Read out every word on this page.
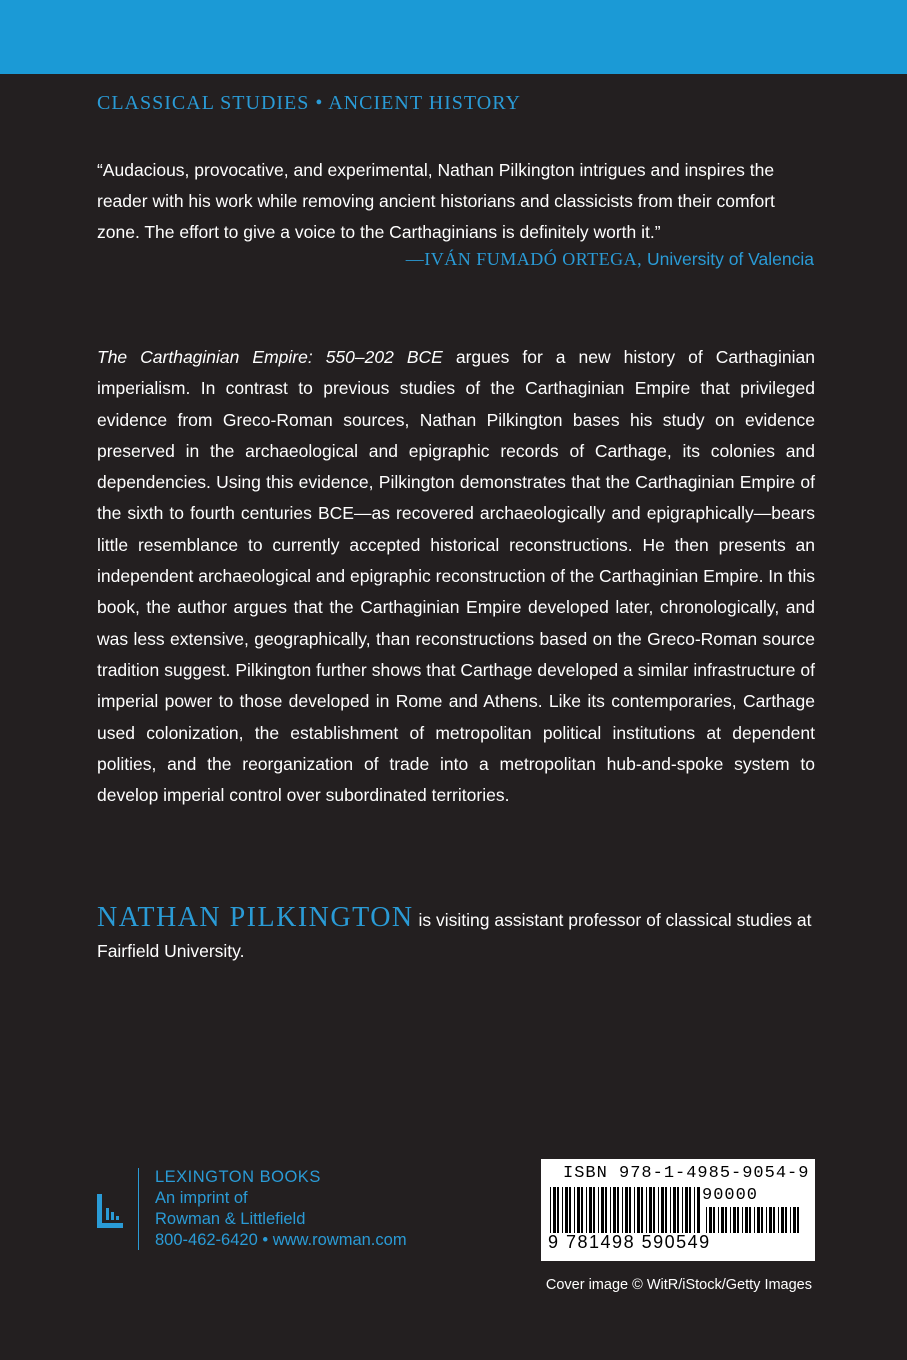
CLASSICAL STUDIES • ANCIENT HISTORY
“Audacious, provocative, and experimental, Nathan Pilkington intrigues and inspires the reader with his work while removing ancient historians and classicists from their comfort zone. The effort to give a voice to the Carthaginians is definitely worth it.”
—IVÁN FUMADÓ ORTEGA, University of Valencia
The Carthaginian Empire: 550–202 BCE argues for a new history of Carthaginian imperialism. In contrast to previous studies of the Carthaginian Empire that privileged evidence from Greco-Roman sources, Nathan Pilkington bases his study on evidence preserved in the archaeological and epigraphic records of Carthage, its colonies and dependencies. Using this evidence, Pilkington demonstrates that the Carthaginian Empire of the sixth to fourth centuries BCE—as recovered archaeologically and epigraphically—bears little resemblance to currently accepted historical reconstructions. He then presents an independent archaeological and epigraphic reconstruction of the Carthaginian Empire. In this book, the author argues that the Carthaginian Empire developed later, chronologically, and was less extensive, geographically, than reconstructions based on the Greco-Roman source tradition suggest. Pilkington further shows that Carthage developed a similar infrastructure of imperial power to those developed in Rome and Athens. Like its contemporaries, Carthage used colonization, the establishment of metropolitan political institutions at dependent polities, and the reorganization of trade into a metropolitan hub-and-spoke system to develop imperial control over subordinated territories.
NATHAN PILKINGTON is visiting assistant professor of classical studies at Fairfield University.
LEXINGTON BOOKS
An imprint of
Rowman & Littlefield
800-462-6420 • www.rowman.com
ISBN 978-1-4985-9054-9
90000
9 781498 590549
Cover image © WitR/iStock/Getty Images
